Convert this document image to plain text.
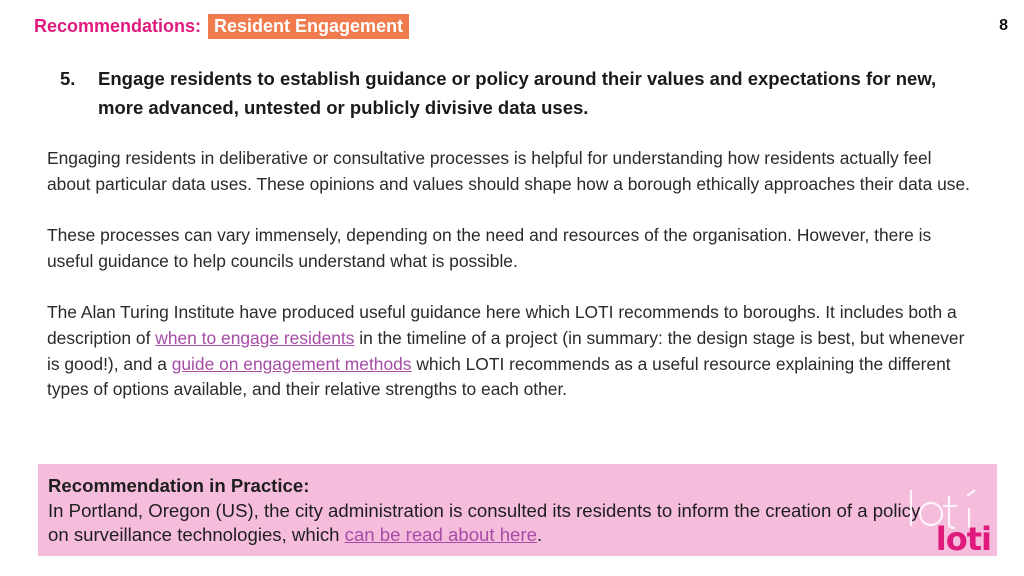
Recommendations: Resident Engagement	8
5.	Engage residents to establish guidance or policy around their values and expectations for new, more advanced, untested or publicly divisive data uses.

Engaging residents in deliberative or consultative processes is helpful for understanding how residents actually feel about particular data uses. These opinions and values should shape how a borough ethically approaches their data use.

These processes can vary immensely, depending on the need and resources of the organisation. However, there is useful guidance to help councils understand what is possible.

The Alan Turing Institute have produced useful guidance here which LOTI recommends to boroughs. It includes both a description of when to engage residents in the timeline of a project (in summary: the design stage is best, but whenever is good!), and a guide on engagement methods which LOTI recommends as a useful resource explaining the different types of options available, and their relative strengths to each other.

Recommendation in Practice:
In Portland, Oregon (US), the city administration is consulted its residents to inform the creation of a policy on surveillance technologies, which can be read about here.	loti
